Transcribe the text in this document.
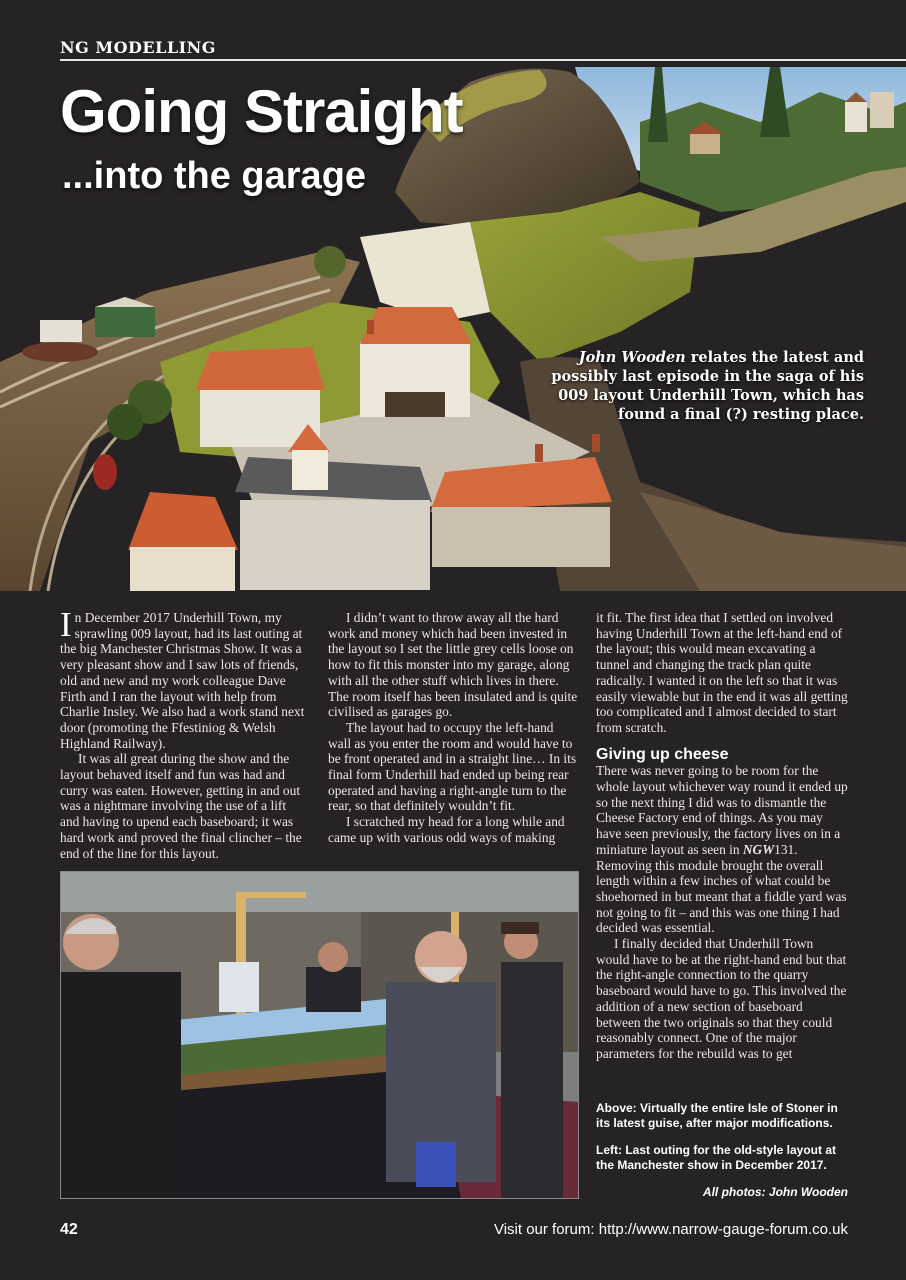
NG MODELLING
Going Straight
...into the garage
John Wooden relates the latest and possibly last episode in the saga of his 009 layout Underhill Town, which has found a final (?) resting place.

In December 2017 Underhill Town, my sprawling 009 layout, had its last outing at the big Manchester Christmas Show. It was a very pleasant show and I saw lots of friends, old and new and my work colleague Dave Firth and I ran the layout with help from Charlie Insley. We also had a work stand next door (promoting the Ffestiniog & Welsh Highland Railway).

It was all great during the show and the layout behaved itself and fun was had and curry was eaten. However, getting in and out was a nightmare involving the use of a lift and having to upend each baseboard; it was hard work and proved the final clincher – the end of the line for this layout.

I didn’t want to throw away all the hard work and money which had been invested in the layout so I set the little grey cells loose on how to fit this monster into my garage, along with all the other stuff which lives in there. The room itself has been insulated and is quite civilised as garages go.

The layout had to occupy the left-hand wall as you enter the room and would have to be front operated and in a straight line… In its final form Underhill had ended up being rear operated and having a right-angle turn to the rear, so that definitely wouldn’t fit.

I scratched my head for a long while and came up with various odd ways of making

it fit. The first idea that I settled on involved having Underhill Town at the left-hand end of the layout; this would mean excavating a tunnel and changing the track plan quite radically. I wanted it on the left so that it was easily viewable but in the end it was all getting too complicated and I almost decided to start from scratch.

Giving up cheese

There was never going to be room for the whole layout whichever way round it ended up so the next thing I did was to dismantle the Cheese Factory end of things. As you may have seen previously, the factory lives on in a miniature layout as seen in NGW131. Removing this module brought the overall length within a few inches of what could be shoehorned in but meant that a fiddle yard was not going to fit – and this was one thing I had decided was essential.

I finally decided that Underhill Town would have to be at the right-hand end but that the right-angle connection to the quarry baseboard would have to go. This involved the addition of a new section of baseboard between the two originals so that they could reasonably connect. One of the major parameters for the rebuild was to get

Above: Virtually the entire Isle of Stoner in its latest guise, after major modifications.
Left: Last outing for the old-style layout at the Manchester show in December 2017.
All photos: John Wooden
42	Visit our forum: http://www.narrow-gauge-forum.co.uk
